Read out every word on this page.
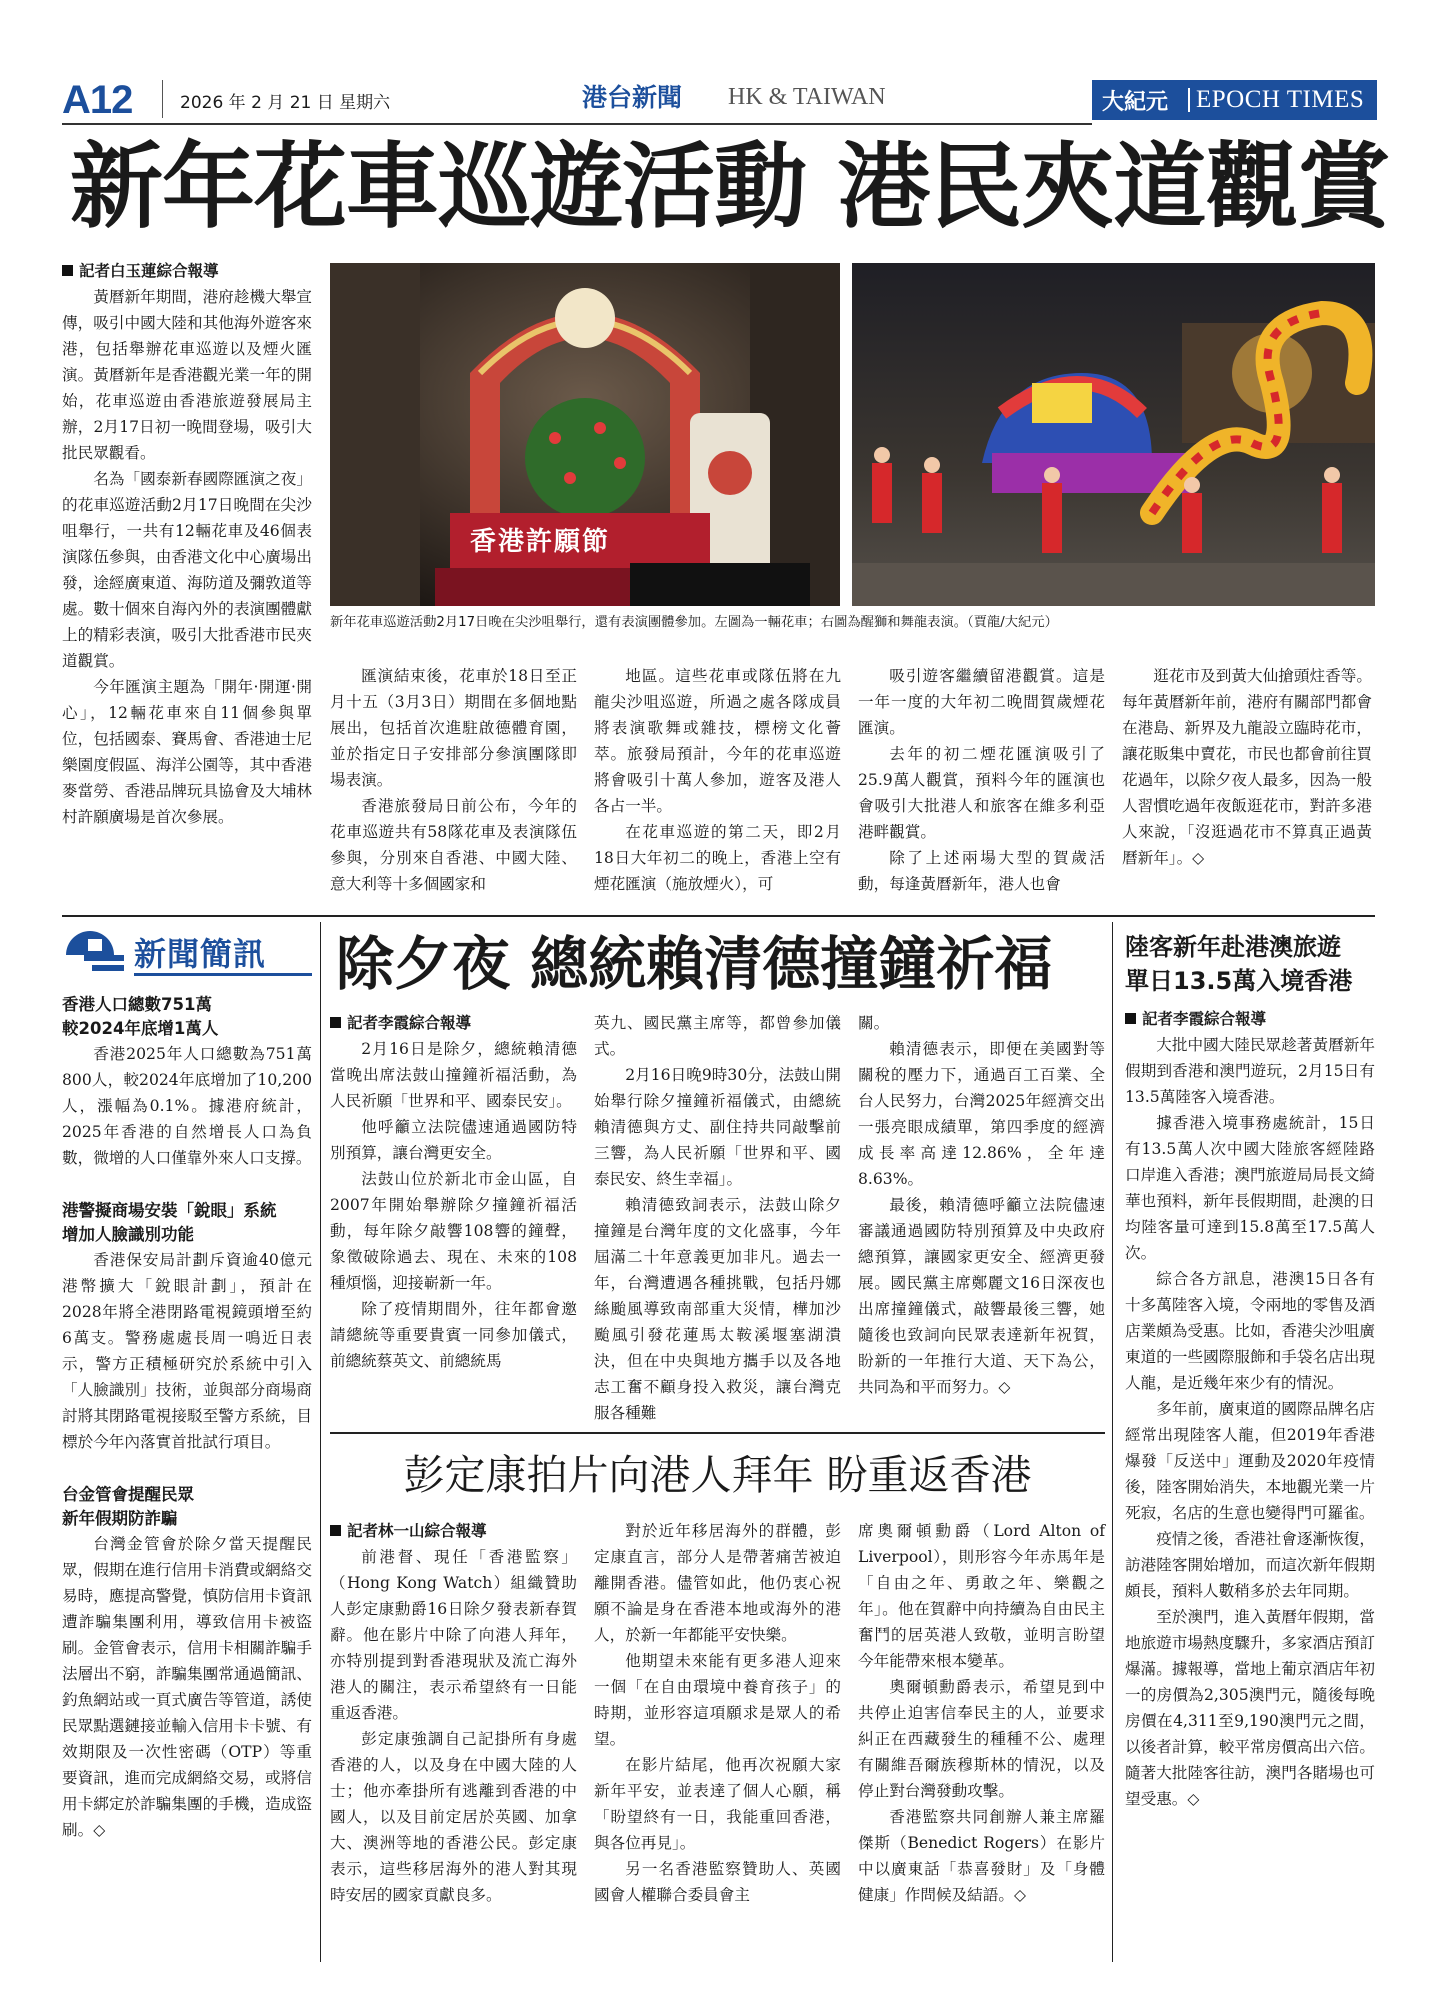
A12	2026 年 2 月 21 日 星期六	港台新聞 HK & TAIWAN	大紀元 EPOCH TIMES
新年花車巡遊活動 港民夾道觀賞

記者白玉蓮綜合報導

黃曆新年期間，港府趁機大舉宣傳，吸引中國大陸和其他海外遊客來港，包括舉辦花車巡遊以及煙火匯演。黃曆新年是香港觀光業一年的開始，花車巡遊由香港旅遊發展局主辦，2月17日初一晚間登場，吸引大批民眾觀看。

名為「國泰新春國際匯演之夜」的花車巡遊活動2月17日晚間在尖沙咀舉行，一共有12輛花車及46個表演隊伍參與，由香港文化中心廣場出發，途經廣東道、海防道及彌敦道等處。數十個來自海內外的表演團體獻上的精彩表演，吸引大批香港市民夾道觀賞。

今年匯演主題為「開年·開運·開心」，12輛花車來自11個參與單位，包括國泰、賽馬會、香港迪士尼樂園度假區、海洋公園等，其中香港麥當勞、香港品牌玩具協會及大埔林村許願廣場是首次參展。

香港許願節
新年花車巡遊活動2月17日晚在尖沙咀舉行，還有表演團體參加。左圖為一輛花車；右圖為醒獅和舞龍表演。（賈龍/大紀元）

匯演結束後，花車於18日至正月十五（3月3日）期間在多個地點展出，包括首次進駐啟德體育園，並於指定日子安排部分參演團隊即場表演。

香港旅發局日前公布，今年的花車巡遊共有58隊花車及表演隊伍參與，分別來自香港、中國大陸、意大利等十多個國家和

地區。這些花車或隊伍將在九龍尖沙咀巡遊，所過之處各隊成員將表演歌舞或雜技，標榜文化薈萃。旅發局預計，今年的花車巡遊將會吸引十萬人參加，遊客及港人各占一半。

在花車巡遊的第二天，即2月18日大年初二的晚上，香港上空有煙花匯演（施放煙火），可

吸引遊客繼續留港觀賞。這是一年一度的大年初二晚間賀歲煙花匯演。

去年的初二煙花匯演吸引了25.9萬人觀賞，預料今年的匯演也會吸引大批港人和旅客在維多利亞港畔觀賞。

除了上述兩場大型的賀歲活動，每逢黃曆新年，港人也會

逛花市及到黃大仙搶頭炷香等。每年黃曆新年前，港府有關部門都會在港島、新界及九龍設立臨時花市，讓花販集中賣花，市民也都會前往買花過年，以除夕夜人最多，因為一般人習慣吃過年夜飯逛花市，對許多港人來說，「沒逛過花市不算真正過黃曆新年」。◇

新聞簡訊

香港人口總數751萬

較2024年底增1萬人

香港2025年人口總數為751萬800人，較2024年底增加了10,200人，漲幅為0.1%。據港府統計，2025年香港的自然增長人口為負數，微增的人口僅靠外來人口支撐。

港警擬商場安裝「銳眼」系統

增加人臉識別功能

香港保安局計劃斥資逾40億元港幣擴大「銳眼計劃」，預計在2028年將全港閉路電視鏡頭增至約6萬支。警務處處長周一鳴近日表示，警方正積極研究於系統中引入「人臉識別」技術，並與部分商場商討將其閉路電視接駁至警方系統，目標於今年內落實首批試行項目。

台金管會提醒民眾

新年假期防詐騙

台灣金管會於除夕當天提醒民眾，假期在進行信用卡消費或網絡交易時，應提高警覺，慎防信用卡資訊遭詐騙集團利用，導致信用卡被盜刷。金管會表示，信用卡相關詐騙手法層出不窮，詐騙集團常通過簡訊、釣魚網站或一頁式廣告等管道，誘使民眾點選鏈接並輸入信用卡卡號、有效期限及一次性密碼（OTP）等重要資訊，進而完成網絡交易，或將信用卡綁定於詐騙集團的手機，造成盜刷。◇

除夕夜 總統賴清德撞鐘祈福

記者李霞綜合報導

2月16日是除夕，總統賴清德當晚出席法鼓山撞鐘祈福活動，為人民祈願「世界和平、國泰民安」。

他呼籲立法院儘速通過國防特別預算，讓台灣更安全。

法鼓山位於新北市金山區，自2007年開始舉辦除夕撞鐘祈福活動，每年除夕敲響108響的鐘聲，象徵破除過去、現在、未來的108種煩惱，迎接嶄新一年。

除了疫情期間外，往年都會邀請總統等重要貴賓一同參加儀式，前總統蔡英文、前總統馬

英九、國民黨主席等，都曾參加儀式。

2月16日晚9時30分，法鼓山開始舉行除夕撞鐘祈福儀式，由總統賴清德與方丈、副住持共同敲擊前三響，為人民祈願「世界和平、國泰民安、終生幸福」。

賴清德致詞表示，法鼓山除夕撞鐘是台灣年度的文化盛事，今年屆滿二十年意義更加非凡。過去一年，台灣遭遇各種挑戰，包括丹娜絲颱風導致南部重大災情，樺加沙颱風引發花蓮馬太鞍溪堰塞湖潰決，但在中央與地方攜手以及各地志工奮不顧身投入救災，讓台灣克服各種難

關。

賴清德表示，即便在美國對等關稅的壓力下，通過百工百業、全台人民努力，台灣2025年經濟交出一張亮眼成績單，第四季度的經濟成長率高達12.86%，全年達8.63%。

最後，賴清德呼籲立法院儘速審議通過國防特別預算及中央政府總預算，讓國家更安全、經濟更發展。國民黨主席鄭麗文16日深夜也出席撞鐘儀式，敲響最後三響，她隨後也致詞向民眾表達新年祝賀，盼新的一年推行大道、天下為公，共同為和平而努力。◇

彭定康拍片向港人拜年 盼重返香港

記者林一山綜合報導

前港督、現任「香港監察」（Hong Kong Watch）組織贊助人彭定康勳爵16日除夕發表新春賀辭。他在影片中除了向港人拜年，亦特別提到對香港現狀及流亡海外港人的關注，表示希望終有一日能重返香港。

彭定康強調自己記掛所有身處香港的人，以及身在中國大陸的人士；他亦牽掛所有逃離到香港的中國人，以及目前定居於英國、加拿大、澳洲等地的香港公民。彭定康表示，這些移居海外的港人對其現時安居的國家貢獻良多。

對於近年移居海外的群體，彭定康直言，部分人是帶著痛苦被迫離開香港。儘管如此，他仍衷心祝願不論是身在香港本地或海外的港人，於新一年都能平安快樂。

他期望未來能有更多港人迎來一個「在自由環境中養育孩子」的時期，並形容這項願求是眾人的希望。

在影片結尾，他再次祝願大家新年平安，並表達了個人心願，稱「盼望終有一日，我能重回香港，與各位再見」。

另一名香港監察贊助人、英國國會人權聯合委員會主

席奧爾頓勳爵（Lord Alton of Liverpool），則形容今年赤馬年是「自由之年、勇敢之年、樂觀之年」。他在賀辭中向持續為自由民主奮鬥的居英港人致敬，並明言盼望今年能帶來根本變革。

奧爾頓勳爵表示，希望見到中共停止迫害信奉民主的人，並要求糾正在西藏發生的種種不公、處理有關維吾爾族穆斯林的情況，以及停止對台灣發動攻擊。

香港監察共同創辦人兼主席羅傑斯（Benedict Rogers）在影片中以廣東話「恭喜發財」及「身體健康」作問候及結語。◇

陸客新年赴港澳旅遊
單日13.5萬入境香港

記者李霞綜合報導

大批中國大陸民眾趁著黃曆新年假期到香港和澳門遊玩，2月15日有13.5萬陸客入境香港。

據香港入境事務處統計，15日有13.5萬人次中國大陸旅客經陸路口岸進入香港；澳門旅遊局局長文綺華也預料，新年長假期間，赴澳的日均陸客量可達到15.8萬至17.5萬人次。

綜合各方訊息，港澳15日各有十多萬陸客入境，令兩地的零售及酒店業頗為受惠。比如，香港尖沙咀廣東道的一些國際服飾和手袋名店出現人龍，是近幾年來少有的情況。

多年前，廣東道的國際品牌名店經常出現陸客人龍，但2019年香港爆發「反送中」運動及2020年疫情後，陸客開始消失，本地觀光業一片死寂，名店的生意也變得門可羅雀。

疫情之後，香港社會逐漸恢復，訪港陸客開始增加，而這次新年假期頗長，預料人數稍多於去年同期。

至於澳門，進入黃曆年假期，當地旅遊市場熱度驟升，多家酒店預訂爆滿。據報導，當地上葡京酒店年初一的房價為2,305澳門元，隨後每晚房價在4,311至9,190澳門元之間，以後者計算，較平常房價高出六倍。隨著大批陸客往訪，澳門各賭場也可望受惠。◇
